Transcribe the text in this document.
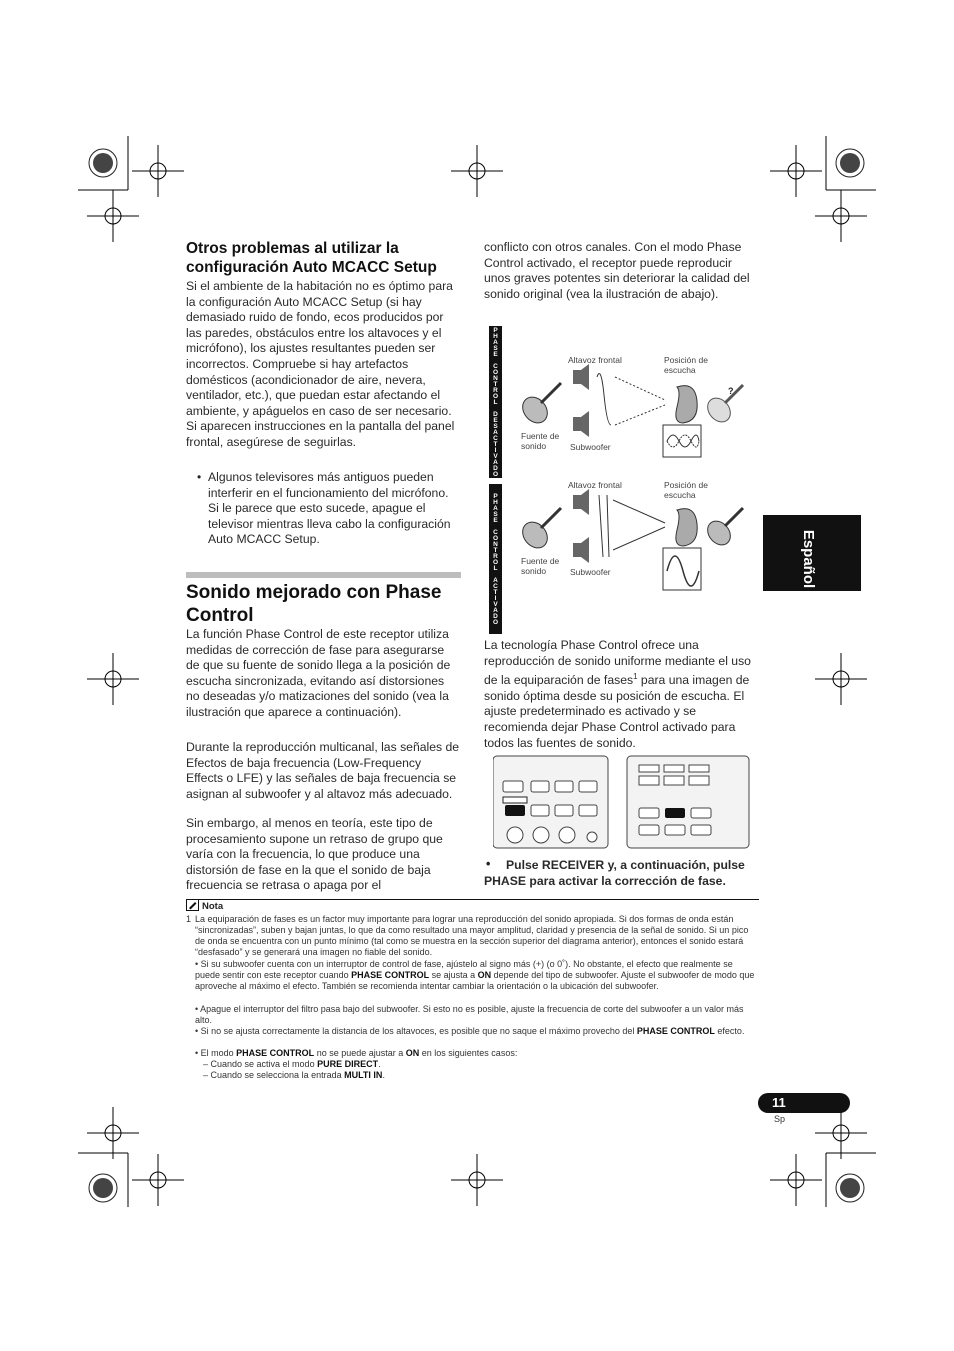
Otros problemas al utilizar la configuración Auto MCACC Setup

Si el ambiente de la habitación no es óptimo para la configuración Auto MCACC Setup (si hay demasiado ruido de fondo, ecos producidos por las paredes, obstáculos entre los altavoces y el micrófono), los ajustes resultantes pueden ser incorrectos. Compruebe si hay artefactos domésticos (acondicionador de aire, nevera, ventilador, etc.), que puedan estar afectando el ambiente, y apáguelos en caso de ser necesario. Si aparecen instrucciones en la pantalla del panel frontal, asegúrese de seguirlas.

• Algunos televisores más antiguos pueden interferir en el funcionamiento del micrófono. Si le parece que esto sucede, apague el televisor mientras lleva cabo la configuración Auto MCACC Setup.

Sonido mejorado con Phase Control

La función Phase Control de este receptor utiliza medidas de corrección de fase para asegurarse de que su fuente de sonido llega a la posición de escucha sincronizada, evitando así distorsiones no deseadas y/o matizaciones del sonido (vea la ilustración que aparece a continuación).

Durante la reproducción multicanal, las señales de Efectos de baja frecuencia (Low-Frequency Effects o LFE) y las señales de baja frecuencia se asignan al subwoofer y al altavoz más adecuado.

Sin embargo, al menos en teoría, este tipo de procesamiento supone un retraso de grupo que varía con la frecuencia, lo que produce una distorsión de fase en la que el sonido de baja frecuencia se retrasa o apaga por el

conflicto con otros canales. Con el modo Phase Control activado, el receptor puede reproducir unos graves potentes sin deteriorar la calidad del sonido original (vea la ilustración de abajo).

PHASE CONTROL DESACTIVADO
PHASE CONTROL ACTIVADO
?
Altavoz frontal	Posición de escucha
Fuente de sonido	Subwoofer
Altavoz frontal	Posición de escucha
Fuente de sonido	Subwoofer

La tecnología Phase Control ofrece una reproducción de sonido uniforme mediante el uso de la equiparación de fases$^1$ para una imagen de sonido óptima desde su posición de escucha. El ajuste predeterminado es activado y se recomienda dejar Phase Control activado para todos las fuentes de sonido.

•	Pulse RECEIVER y, a continuación, pulse PHASE para activar la corrección de fase.

Español
Nota
1 La equiparación de fases es un factor muy importante para lograr una reproducción del sonido apropiada. Si dos formas de onda están “sincronizadas”, suben y bajan juntas, lo que da como resultado una mayor amplitud, claridad y presencia de la señal de sonido. Si un pico de onda se encuentra con un punto mínimo (tal como se muestra en la sección superior del diagrama anterior), entonces el sonido estará “desfasado” y se generará una imagen no fiable del sonido.
• Si su subwoofer cuenta con un interruptor de control de fase, ajústelo al signo más (+) (o 0˚). No obstante, el efecto que realmente se puede sentir con este receptor cuando PHASE CONTROL se ajusta a ON depende del tipo de subwoofer. Ajuste el subwoofer de modo que aproveche al máximo el efecto. También se recomienda intentar cambiar la orientación o la ubicación del subwoofer.
• Apague el interruptor del filtro pasa bajo del subwoofer. Si esto no es posible, ajuste la frecuencia de corte del subwoofer a un valor más alto.
• Si no se ajusta correctamente la distancia de los altavoces, es posible que no saque el máximo provecho del PHASE CONTROL efecto.
• El modo PHASE CONTROL no se puede ajustar a ON en los siguientes casos:
– Cuando se activa el modo PURE DIRECT.
– Cuando se selecciona la entrada MULTI IN.
11
Sp
